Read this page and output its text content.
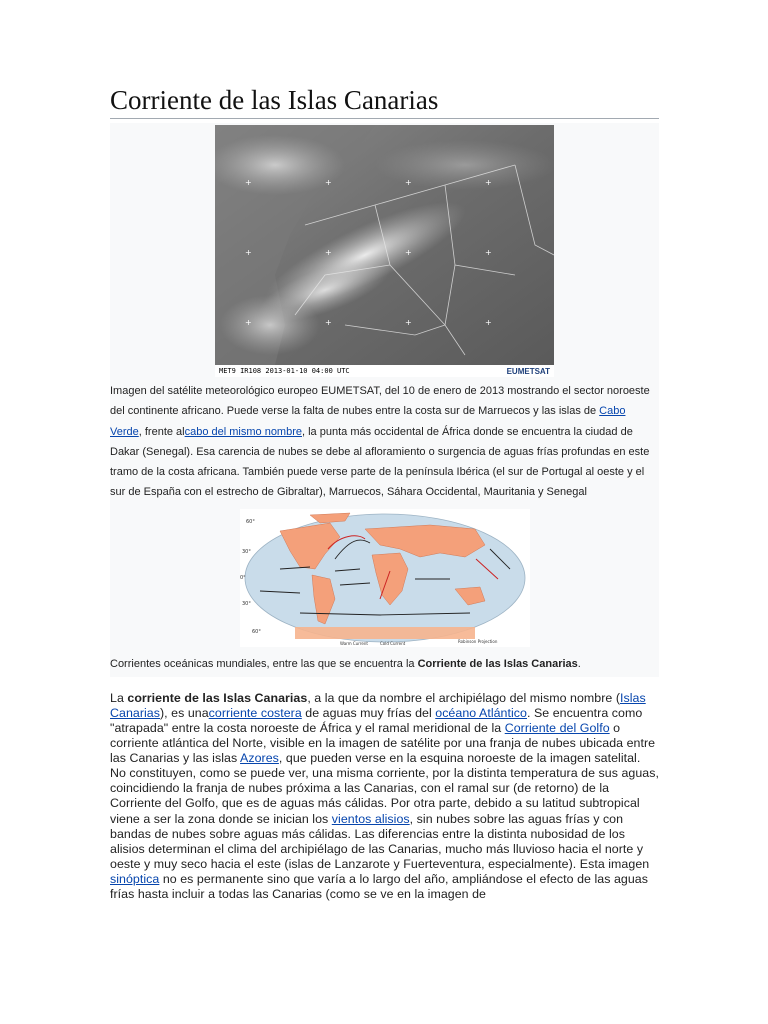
Corriente de las Islas Canarias
+	+	+	+
+	+	+	+
+	+	+	+
MET9 IR108 2013-01-10 04:00 UTC	EUMETSAT
Imagen del satélite meteorológico europeo EUMETSAT, del 10 de enero de 2013 mostrando el sector noroeste del continente africano. Puede verse la falta de nubes entre la costa sur de Marruecos y las islas de Cabo Verde, frente alcabo del mismo nombre, la punta más occidental de África donde se encuentra la ciudad de Dakar (Senegal). Esa carencia de nubes se debe al afloramiento o surgencia de aguas frías profundas en este tramo de la costa africana. También puede verse parte de la península Ibérica (el sur de Portugal al oeste y el sur de España con el estrecho de Gibraltar), Marruecos, Sáhara Occidental, Mauritania y Senegal
60°
30°
0°
30°
60°
Robinson Projection
Warm Current	Cold Current
Corrientes oceánicas mundiales, entre las que se encuentra la Corriente de las Islas Canarias.
La corriente de las Islas Canarias, a la que da nombre el archipiélago del mismo nombre (Islas Canarias), es unacorriente costera de aguas muy frías del océano Atlántico. Se encuentra como "atrapada" entre la costa noroeste de África y el ramal meridional de la Corriente del Golfo o corriente atlántica del Norte, visible en la imagen de satélite por una franja de nubes ubicada entre las Canarias y las islas Azores, que pueden verse en la esquina noroeste de la imagen satelital. No constituyen, como se puede ver, una misma corriente, por la distinta temperatura de sus aguas, coincidiendo la franja de nubes próxima a las Canarias, con el ramal sur (de retorno) de la Corriente del Golfo, que es de aguas más cálidas. Por otra parte, debido a su latitud subtropical viene a ser la zona donde se inician los vientos alisios, sin nubes sobre las aguas frías y con bandas de nubes sobre aguas más cálidas. Las diferencias entre la distinta nubosidad de los alisios determinan el clima del archipiélago de las Canarias, mucho más lluvioso hacia el norte y oeste y muy seco hacia el este (islas de Lanzarote y Fuerteventura, especialmente). Esta imagen sinóptica no es permanente sino que varía a lo largo del año, ampliándose el efecto de las aguas frías hasta incluir a todas las Canarias (como se ve en la imagen de
